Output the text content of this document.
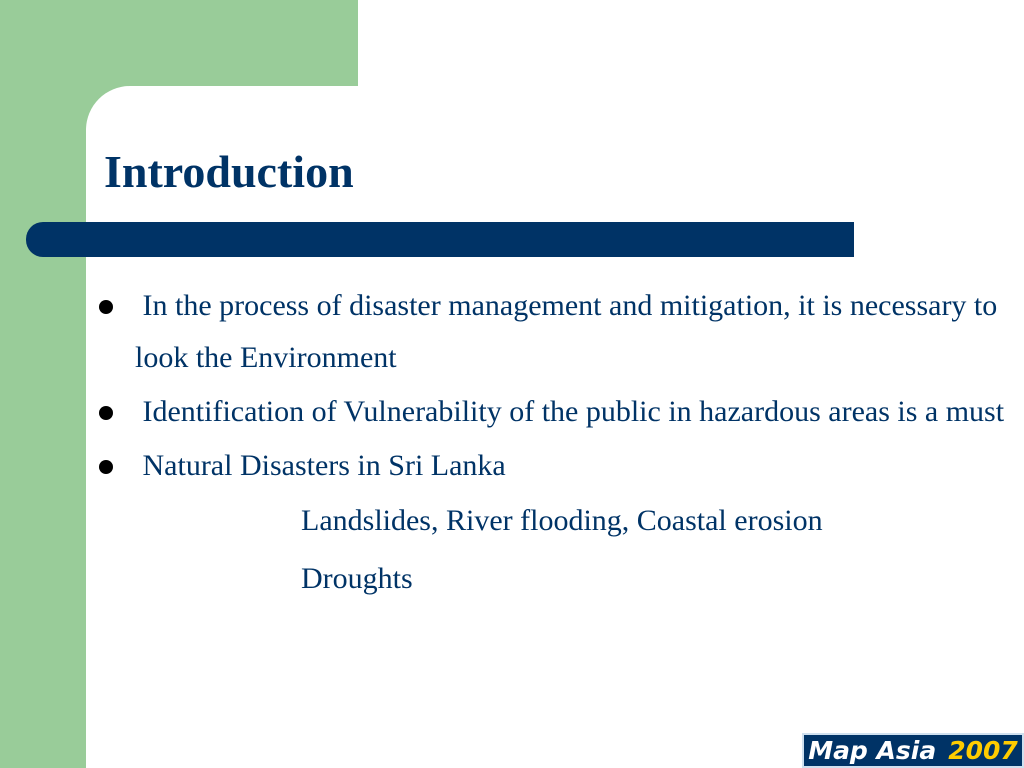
Introduction
In the process of disaster management and mitigation, it is necessary to look the Environment
Identification of Vulnerability of the public in hazardous areas is a must
Natural Disasters in Sri Lanka
Landslides, River flooding, Coastal erosion
Droughts
Map Asia 2007
